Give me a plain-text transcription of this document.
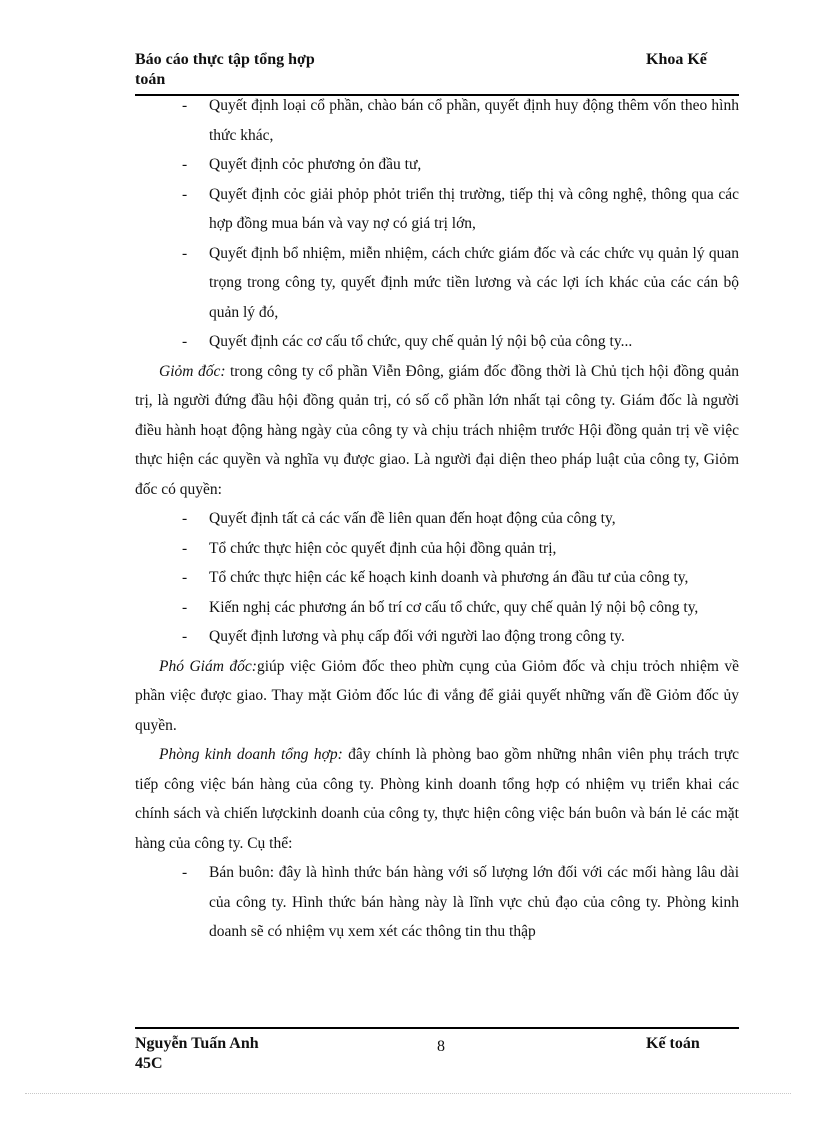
Báo cáo thực tập tổng hợp
toán
Khoa Kế
- Quyết định loại cổ phần, chào bán cổ phần, quyết định huy động thêm vốn theo hình thức khác,
- Quyết định cỏc phương ỏn đầu tư,
- Quyết định cỏc giải phỏp phỏt triển thị trường, tiếp thị và công nghệ, thông qua các hợp đồng mua bán và vay nợ có giá trị lớn,
- Quyết định bổ nhiệm, miễn nhiệm, cách chức giám đốc và các chức vụ quản lý quan trọng trong công ty, quyết định mức tiền lương và các lợi ích khác của các cán bộ quản lý đó,
- Quyết định các cơ cấu tổ chức, quy chế quản lý nội bộ của công ty...
Giỏm đốc: trong công ty cổ phần Viễn Đông, giám đốc đồng thời là Chủ tịch hội đồng quản trị, là người đứng đầu hội đồng quản trị, có số cổ phần lớn nhất tại công ty. Giám đốc là người điều hành hoạt động hàng ngày của công ty và chịu trách nhiệm trước Hội đồng quản trị về việc thực hiện các quyền và nghĩa vụ được giao. Là người đại diện theo pháp luật của công ty, Giỏm đốc có quyền:
- Quyết định tất cả các vấn đề liên quan đến hoạt động của công ty,
- Tổ chức thực hiện cỏc quyết định của hội đồng quản trị,
- Tổ chức thực hiện các kế hoạch kinh doanh và phương án đầu tư của công ty,
- Kiến nghị các phương án bố trí cơ cấu tổ chức, quy chế quản lý nội bộ công ty,
- Quyết định lương và phụ cấp đối với người lao động trong công ty.
Phó Giám đốc:giúp việc Giỏm đốc theo phừn cụng của Giỏm đốc và chịu trỏch nhiệm về phần việc được giao. Thay mặt Giỏm đốc lúc đi vắng để giải quyết những vấn đề Giỏm đốc ủy quyền.
Phòng kinh doanh tổng hợp: đây chính là phòng bao gồm những nhân viên phụ trách trực tiếp công việc bán hàng của công ty. Phòng kinh doanh tổng hợp có nhiệm vụ triển khai các chính sách và chiến lượckinh doanh của công ty, thực hiện công việc bán buôn và bán lẻ các mặt hàng của công ty. Cụ thể:
- Bán buôn: đây là hình thức bán hàng với số lượng lớn đối với các mối hàng lâu dài của công ty. Hình thức bán hàng này là lĩnh vực chủ đạo của công ty. Phòng kinh doanh sẽ có nhiệm vụ xem xét các thông tin thu thập
Nguyễn Tuấn Anh
45C
8	Kế toán
